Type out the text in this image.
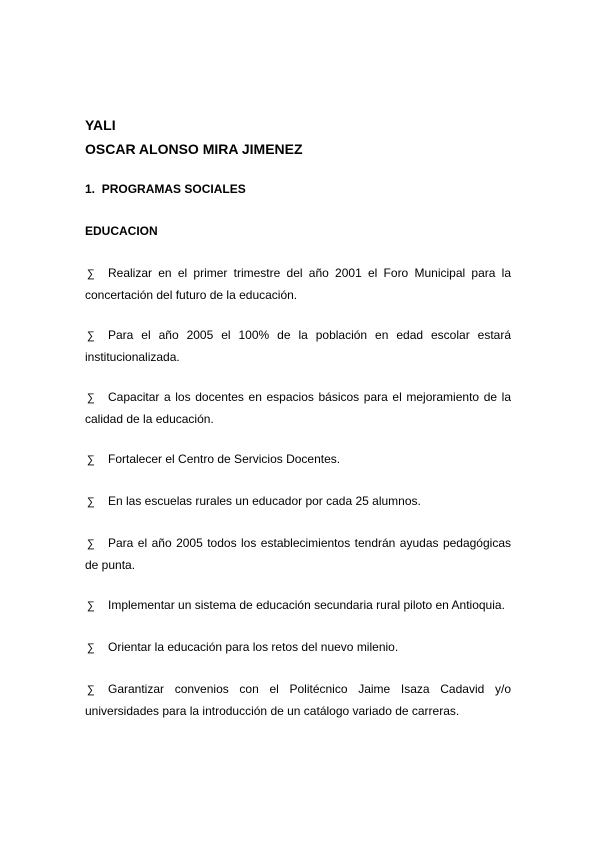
YALI
OSCAR ALONSO MIRA JIMENEZ
1. PROGRAMAS SOCIALES
EDUCACION
∑ Realizar en el primer trimestre del año 2001 el Foro Municipal para la concertación del futuro de la educación.
∑ Para el año 2005 el 100% de la población en edad escolar estará institucionalizada.
∑ Capacitar a los docentes en espacios básicos para el mejoramiento de la calidad de la educación.
∑ Fortalecer el Centro de Servicios Docentes.
∑ En las escuelas rurales un educador por cada 25 alumnos.
∑ Para el año 2005 todos los establecimientos tendrán ayudas pedagógicas de punta.
∑ Implementar un sistema de educación secundaria rural piloto en Antioquia.
∑ Orientar la educación para los retos del nuevo milenio.
∑ Garantizar convenios con el Politécnico Jaime Isaza Cadavid y/o universidades para la introducción de un catálogo variado de carreras.
